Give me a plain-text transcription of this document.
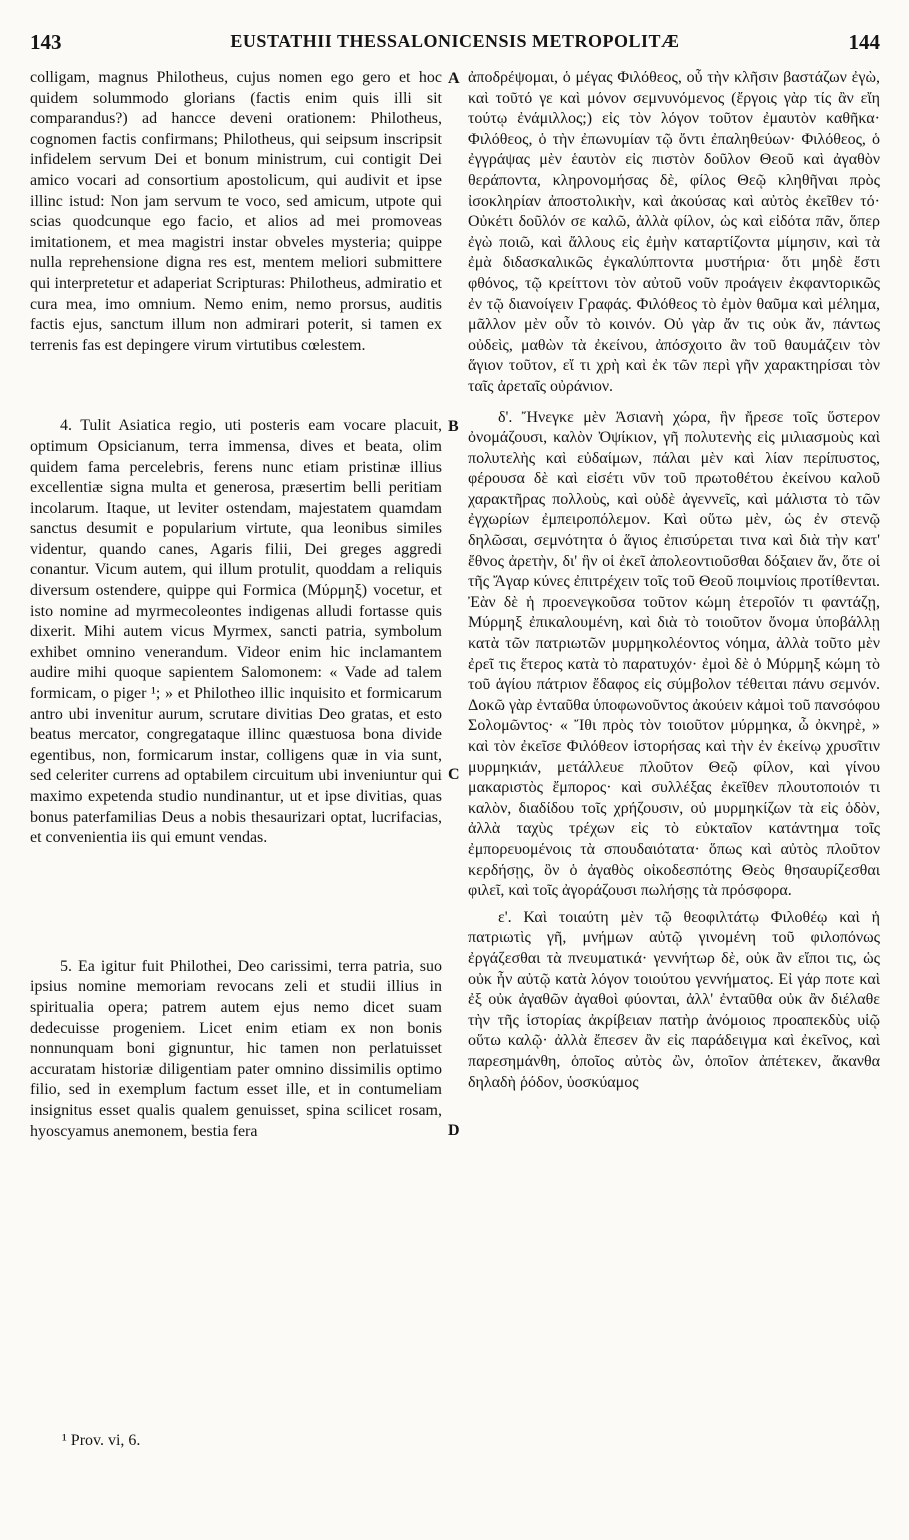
143	EUSTATHII THESSALONICENSIS METROPOLITÆ	144

colligam, magnus Philotheus, cujus nomen ego gero et hoc quidem solummodo glorians (factis enim quis illi sit comparandus?) ad hancce deveni orationem: Philotheus, cognomen factis confirmans; Philotheus, qui seipsum inscripsit infidelem servum Dei et bonum ministrum, cui contigit Dei amico vocari ad consortium apostolicum, qui audivit et ipse illinc istud: Non jam servum te voco, sed amicum, utpote qui scias quodcunque ego facio, et alios ad mei promoveas imitationem, et mea magistri instar obvelеs mysteria; quippe nulla reprehensione digna res est, mentem meliori submittere qui interpretetur et adaperiat Scripturas: Philotheus, admiratio et cura mea, imo omnium. Nemo enim, nemo prorsus, auditis factis ejus, sanctum illum non admirari poterit, si tamen ex terrenis fas est depingere virum virtutibus cœlestem.

4. Tulit Asiatica regio, uti posteris eam vocare placuit, optimum Opsicianum, terra immensa, dives et beata, olim quidem fama percelebris, ferens nunc etiam pristinæ illius excellentiæ signa multa et generosa, præsertim belli peritiam incolarum. Itaque, ut leviter ostendam, majestatem quamdam sanctus desumit e popularium virtute, qua leonibus similes videntur, quando canes, Agaris filii, Dei greges aggredi conantur. Vicum autem, qui illum protulit, quoddam a reliquis diversum ostendere, quippe qui Formica (Μύρμηξ) vocetur, et isto nomine ad myrmecoleontes indigenas alludi fortasse quis dixerit. Mihi autem vicus Myrmex, sancti patria, symbolum exhibet omnino venerandum. Videor enim hic inclamantem audire mihi quoque sapientem Salomonem: « Vade ad talem formicam, o piger ¹; » et Philotheo illic inquisito et formicarum antro ubi invenitur aurum, scrutare divitias Deo gratas, et esto beatus mercator, congregataque illinc quæstuosa bona divide egentibus, non, formicarum instar, colligens quæ in via sunt, sed celeriter currens ad optabilem circuitum ubi inveniuntur qui maximo expetenda studio nundinantur, ut et ipse divitias, quas bonus paterfamilias Deus a nobis thesaurizari optat, lucrifacias, et convenientia iis qui emunt vendas.

5. Ea igitur fuit Philothei, Deo carissimi, terra patria, suo ipsius nomine memoriam revocans zeli et studii illius in spiritualia opera; patrem autem ejus nemo dicet suam dedecuisse progeniem. Licet enim etiam ex non bonis nonnunquam boni gignuntur, hic tamen non perlatuisset accuratam historiæ diligentiam pater omnino dissimilis optimo filio, sed in exemplum factum esset ille, et in contumeliam insignitus esset qualis qualem genuisset, spina scilicet rosam, hyoscyamus anemonem, bestia fera

ἀποδρέψομαι, ὁ μέγας Φιλόθεος, οὗ τὴν κλῆσιν βαστάζων ἐγὼ, καὶ τοῦτό γε καὶ μόνον σεμνυνόμενος (ἔργοις γὰρ τίς ἂν εἴη τούτῳ ἐνάμιλλος;) εἰς τὸν λόγον τοῦτον ἐμαυτὸν καθῆκα· Φιλόθεος, ὁ τὴν ἐπωνυμίαν τῷ ὄντι ἐπαληθεύων· Φιλόθεος, ὁ ἐγγράψας μὲν ἑαυτὸν εἰς πιστὸν δοῦλον Θεοῦ καὶ ἀγαθὸν θεράποντα, κληρονομήσας δὲ, φίλος Θεῷ κληθῆναι πρὸς ἰσοκληρίαν ἀποστολικὴν, καὶ ἀκούσας καὶ αὐτὸς ἐκεῖθεν τό· Οὐκέτι δοῦλόν σε καλῶ, ἀλλὰ φίλον, ὡς καὶ εἰδότα πᾶν, ὅπερ ἐγὼ ποιῶ, καὶ ἄλλους εἰς ἐμὴν καταρτίζοντα μίμησιν, καὶ τὰ ἐμὰ διδασκαλικῶς ἐγκαλύπτοντα μυστήρια· ὅτι μηδὲ ἔστι φθόνος, τῷ κρείττονι τὸν αὐτοῦ νοῦν προάγειν ἐκφαντορικῶς ἐν τῷ διανοίγειν Γραφάς. Φιλόθεος τὸ ἐμὸν θαῦμα καὶ μέλημα, μᾶλλον μὲν οὖν τὸ κοινόν. Οὐ γὰρ ἄν τις οὐκ ἄν, πάντως οὐδεὶς, μαθὼν τὰ ἐκείνου, ἀπόσχοιτο ἂν τοῦ θαυμάζειν τὸν ἅγιον τοῦτον, εἴ τι χρὴ καὶ ἐκ τῶν περὶ γῆν χαρακτηρίσαι τὸν ταῖς ἀρεταῖς οὐράνιον.

δ'. Ἤνεγκε μὲν Ἀσιανὴ χώρα, ἣν ἤρεσε τοῖς ὕστερον ὀνομάζουσι, καλὸν Ὀψίκιον, γῆ πολυτενὴς εἰς μιλιασμοὺς καὶ πολυτελὴς καὶ εὐδαίμων, πάλαι μὲν καὶ λίαν περίπυστος, φέρουσα δὲ καὶ εἰσέτι νῦν τοῦ πρωτοθέτου ἐκείνου καλοῦ χαρακτῆρας πολλοὺς, καὶ οὐδὲ ἀγεννεῖς, καὶ μάλιστα τὸ τῶν ἐγχωρίων ἐμπειροπόλεμον. Καὶ οὕτω μὲν, ὡς ἐν στενῷ δηλῶσαι, σεμνότητα ὁ ἅγιος ἐπισύρεται τινα καὶ διὰ τὴν κατ' ἔθνος ἀρετὴν, δι' ἣν οἱ ἐκεῖ ἀπολεοντιοῦσθαι δόξαιεν ἄν, ὅτε οἱ τῆς Ἄγαρ κύνες ἐπιτρέχειν τοῖς τοῦ Θεοῦ ποιμνίοις προτίθενται. Ἐὰν δὲ ἡ προενεγκοῦσα τοῦτον κώμη ἑτεροῖόν τι φαντάζῃ, Μύρμηξ ἐπικαλουμένη, καὶ διὰ τὸ τοιοῦτον ὄνομα ὑποβάλλῃ κατὰ τῶν πατριωτῶν μυρμηκολέοντος νόημα, ἀλλὰ τοῦτο μὲν ἐρεῖ τις ἕτερος κατὰ τὸ παρατυχόν· ἐμοὶ δὲ ὁ Μύρμηξ κώμη τὸ τοῦ ἁγίου πάτριον ἔδαφος εἰς σύμβολον τέθειται πάνυ σεμνόν. Δοκῶ γὰρ ἐνταῦθα ὑποφωνοῦντος ἀκούειν κἀμοὶ τοῦ πανσόφου Σολομῶντος· « Ἴθι πρὸς τὸν τοιοῦτον μύρμηκα, ὦ ὀκνηρὲ, » καὶ τὸν ἐκεῖσε Φιλόθεον ἱστορήσας καὶ τὴν ἐν ἐκείνῳ χρυσῖτιν μυρμηκιάν, μετάλλευε πλοῦτον Θεῷ φίλον, καὶ γίνου μακαριστὸς ἔμπορος· καὶ συλλέξας ἐκεῖθεν πλουτοποιόν τι καλὸν, διαδίδου τοῖς χρήζουσιν, οὐ μυρμηκίζων τὰ εἰς ὁδὸν, ἀλλὰ ταχὺς τρέχων εἰς τὸ εὐκταῖον κατάντημα τοῖς ἐμπορευομένοις τὰ σπουδαιότατα· ὅπως καὶ αὐτὸς πλοῦτον κερδήσῃς, ὃν ὁ ἀγαθὸς οἰκοδεσπότης Θεὸς θησαυρίζεσθαι φιλεῖ, καὶ τοῖς ἀγοράζουσι πωλήσῃς τὰ πρόσφορα.

ε'. Καὶ τοιαύτη μὲν τῷ θεοφιλτάτῳ Φιλοθέῳ καὶ ἡ πατριωτὶς γῆ, μνήμων αὐτῷ γινομένη τοῦ φιλοπόνως ἐργάζεσθαι τὰ πνευματικά· γεννήτωρ δὲ, οὐκ ἂν εἴποι τις, ὡς οὐκ ἦν αὐτῷ κατὰ λόγον τοιούτου γεννήματος. Εἰ γάρ ποτε καὶ ἐξ οὐκ ἀγαθῶν ἀγαθοὶ φύονται, ἀλλ' ἐνταῦθα οὐκ ἂν διέλαθε τὴν τῆς ἱστορίας ἀκρίβειαν πατὴρ ἀνόμοιος προαπεκδὺς υἱῷ οὕτω καλῷ· ἀλλὰ ἔπεσεν ἂν εἰς παράδειγμα καὶ ἐκεῖνος, καὶ παρεσημάνθη, ὁποῖος αὐτὸς ὢν, ὁποῖον ἀπέτεκεν, ἄκανθα δηλαδὴ ῥόδον, ὑοσκύαμος

A
B
C
D
¹ Prov. vi, 6.
